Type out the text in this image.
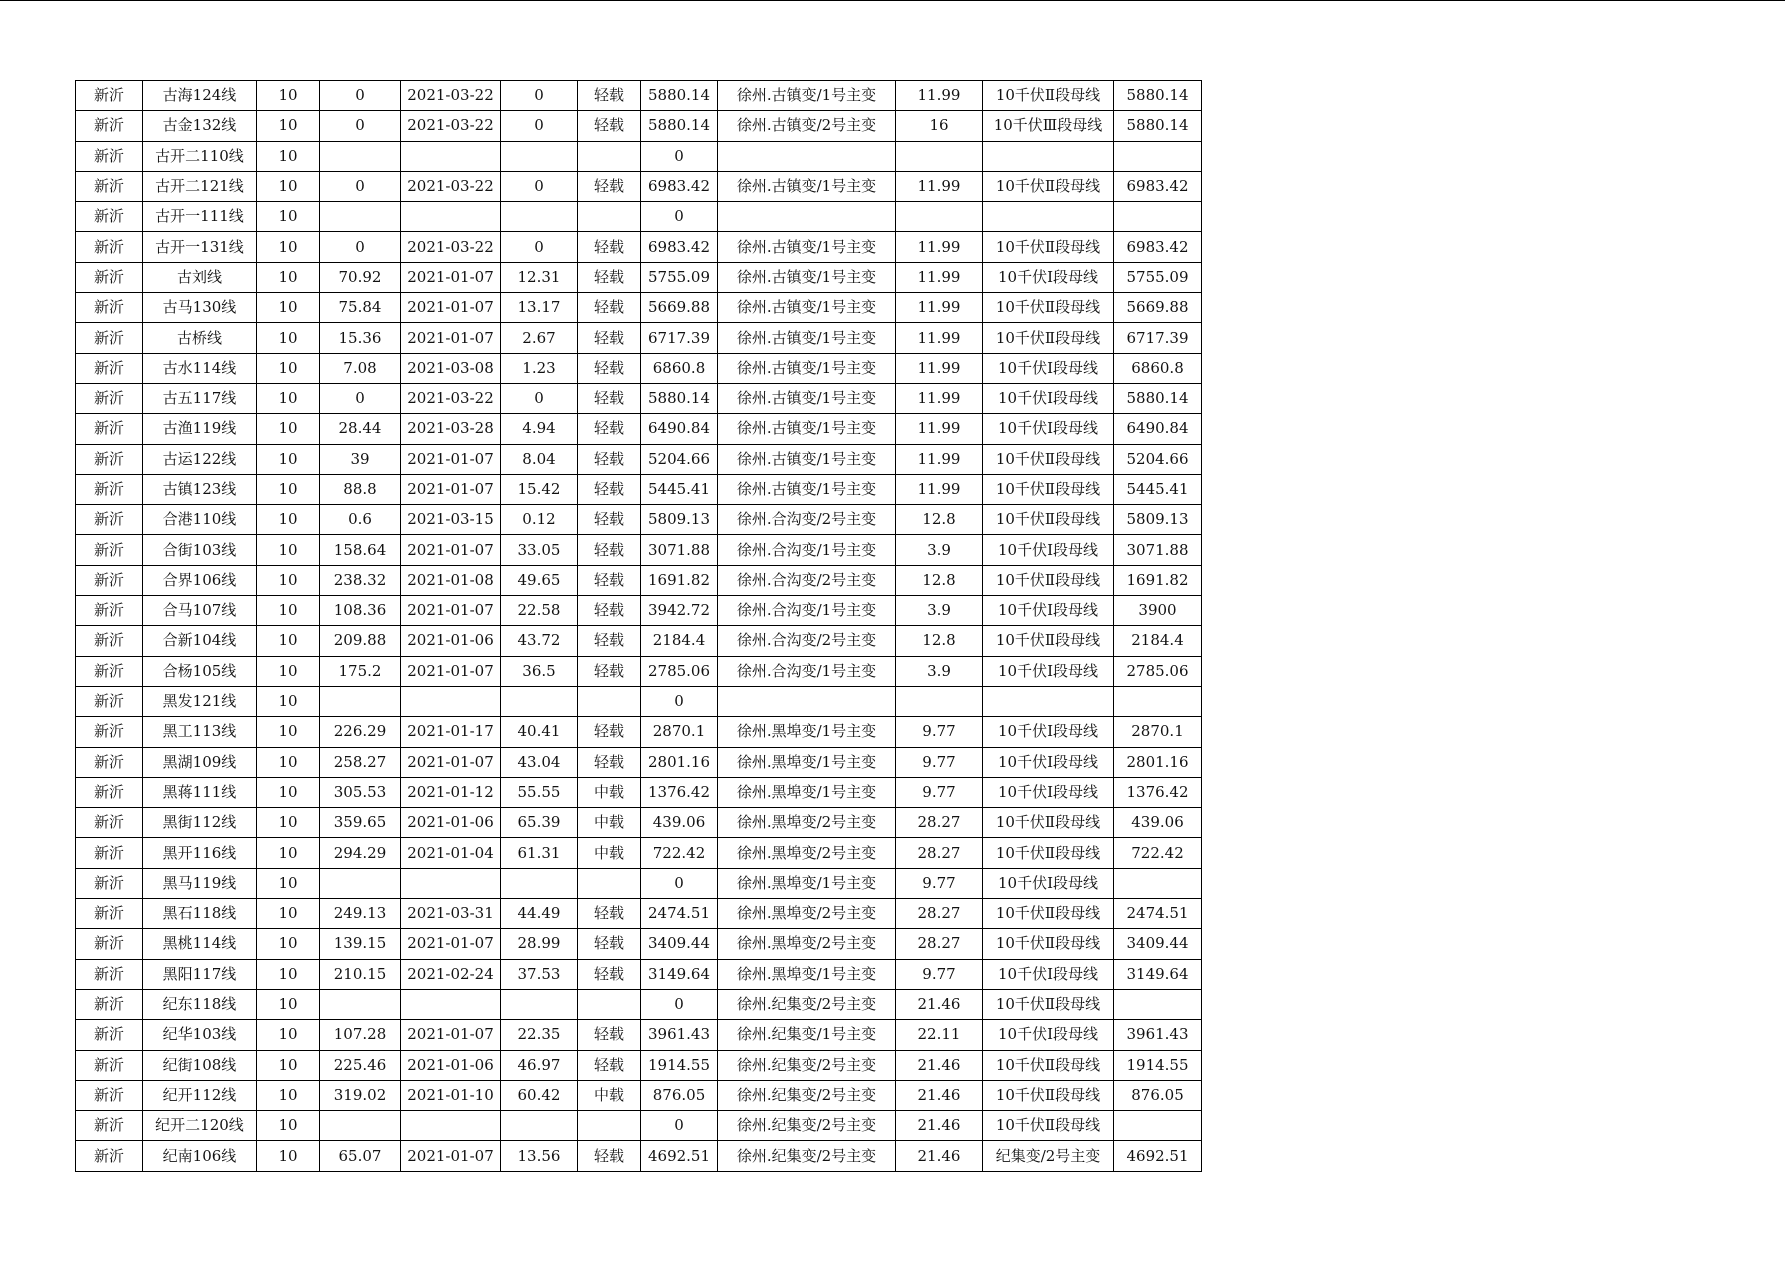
新沂	古海124线	10	0	2021-03-22	0	轻载	5880.14	徐州.古镇变/1号主变	11.99	10千伏Ⅱ段母线	5880.14
新沂	古金132线	10	0	2021-03-22	0	轻载	5880.14	徐州.古镇变/2号主变	16	10千伏Ⅲ段母线	5880.14
新沂	古开二110线	10					0				
新沂	古开二121线	10	0	2021-03-22	0	轻载	6983.42	徐州.古镇变/1号主变	11.99	10千伏Ⅱ段母线	6983.42
新沂	古开一111线	10					0				
新沂	古开一131线	10	0	2021-03-22	0	轻载	6983.42	徐州.古镇变/1号主变	11.99	10千伏Ⅱ段母线	6983.42
新沂	古刘线	10	70.92	2021-01-07	12.31	轻载	5755.09	徐州.古镇变/1号主变	11.99	10千伏Ⅰ段母线	5755.09
新沂	古马130线	10	75.84	2021-01-07	13.17	轻载	5669.88	徐州.古镇变/1号主变	11.99	10千伏Ⅱ段母线	5669.88
新沂	古桥线	10	15.36	2021-01-07	2.67	轻载	6717.39	徐州.古镇变/1号主变	11.99	10千伏Ⅱ段母线	6717.39
新沂	古水114线	10	7.08	2021-03-08	1.23	轻载	6860.8	徐州.古镇变/1号主变	11.99	10千伏Ⅰ段母线	6860.8
新沂	古五117线	10	0	2021-03-22	0	轻载	5880.14	徐州.古镇变/1号主变	11.99	10千伏Ⅰ段母线	5880.14
新沂	古渔119线	10	28.44	2021-03-28	4.94	轻载	6490.84	徐州.古镇变/1号主变	11.99	10千伏Ⅰ段母线	6490.84
新沂	古运122线	10	39	2021-01-07	8.04	轻载	5204.66	徐州.古镇变/1号主变	11.99	10千伏Ⅱ段母线	5204.66
新沂	古镇123线	10	88.8	2021-01-07	15.42	轻载	5445.41	徐州.古镇变/1号主变	11.99	10千伏Ⅱ段母线	5445.41
新沂	合港110线	10	0.6	2021-03-15	0.12	轻载	5809.13	徐州.合沟变/2号主变	12.8	10千伏Ⅱ段母线	5809.13
新沂	合街103线	10	158.64	2021-01-07	33.05	轻载	3071.88	徐州.合沟变/1号主变	3.9	10千伏Ⅰ段母线	3071.88
新沂	合界106线	10	238.32	2021-01-08	49.65	轻载	1691.82	徐州.合沟变/2号主变	12.8	10千伏Ⅱ段母线	1691.82
新沂	合马107线	10	108.36	2021-01-07	22.58	轻载	3942.72	徐州.合沟变/1号主变	3.9	10千伏Ⅰ段母线	3900
新沂	合新104线	10	209.88	2021-01-06	43.72	轻载	2184.4	徐州.合沟变/2号主变	12.8	10千伏Ⅱ段母线	2184.4
新沂	合杨105线	10	175.2	2021-01-07	36.5	轻载	2785.06	徐州.合沟变/1号主变	3.9	10千伏Ⅰ段母线	2785.06
新沂	黑发121线	10					0				
新沂	黑工113线	10	226.29	2021-01-17	40.41	轻载	2870.1	徐州.黑埠变/1号主变	9.77	10千伏Ⅰ段母线	2870.1
新沂	黑湖109线	10	258.27	2021-01-07	43.04	轻载	2801.16	徐州.黑埠变/1号主变	9.77	10千伏Ⅰ段母线	2801.16
新沂	黑蒋111线	10	305.53	2021-01-12	55.55	中载	1376.42	徐州.黑埠变/1号主变	9.77	10千伏Ⅰ段母线	1376.42
新沂	黑街112线	10	359.65	2021-01-06	65.39	中载	439.06	徐州.黑埠变/2号主变	28.27	10千伏Ⅱ段母线	439.06
新沂	黑开116线	10	294.29	2021-01-04	61.31	中载	722.42	徐州.黑埠变/2号主变	28.27	10千伏Ⅱ段母线	722.42
新沂	黑马119线	10					0	徐州.黑埠变/1号主变	9.77	10千伏Ⅰ段母线	
新沂	黑石118线	10	249.13	2021-03-31	44.49	轻载	2474.51	徐州.黑埠变/2号主变	28.27	10千伏Ⅱ段母线	2474.51
新沂	黑桃114线	10	139.15	2021-01-07	28.99	轻载	3409.44	徐州.黑埠变/2号主变	28.27	10千伏Ⅱ段母线	3409.44
新沂	黑阳117线	10	210.15	2021-02-24	37.53	轻载	3149.64	徐州.黑埠变/1号主变	9.77	10千伏Ⅰ段母线	3149.64
新沂	纪东118线	10					0	徐州.纪集变/2号主变	21.46	10千伏Ⅱ段母线	
新沂	纪华103线	10	107.28	2021-01-07	22.35	轻载	3961.43	徐州.纪集变/1号主变	22.11	10千伏Ⅰ段母线	3961.43
新沂	纪街108线	10	225.46	2021-01-06	46.97	轻载	1914.55	徐州.纪集变/2号主变	21.46	10千伏Ⅱ段母线	1914.55
新沂	纪开112线	10	319.02	2021-01-10	60.42	中载	876.05	徐州.纪集变/2号主变	21.46	10千伏Ⅱ段母线	876.05
新沂	纪开二120线	10					0	徐州.纪集变/2号主变	21.46	10千伏Ⅱ段母线	
新沂	纪南106线	10	65.07	2021-01-07	13.56	轻载	4692.51	徐州.纪集变/2号主变	21.46	纪集变/2号主变	4692.51
